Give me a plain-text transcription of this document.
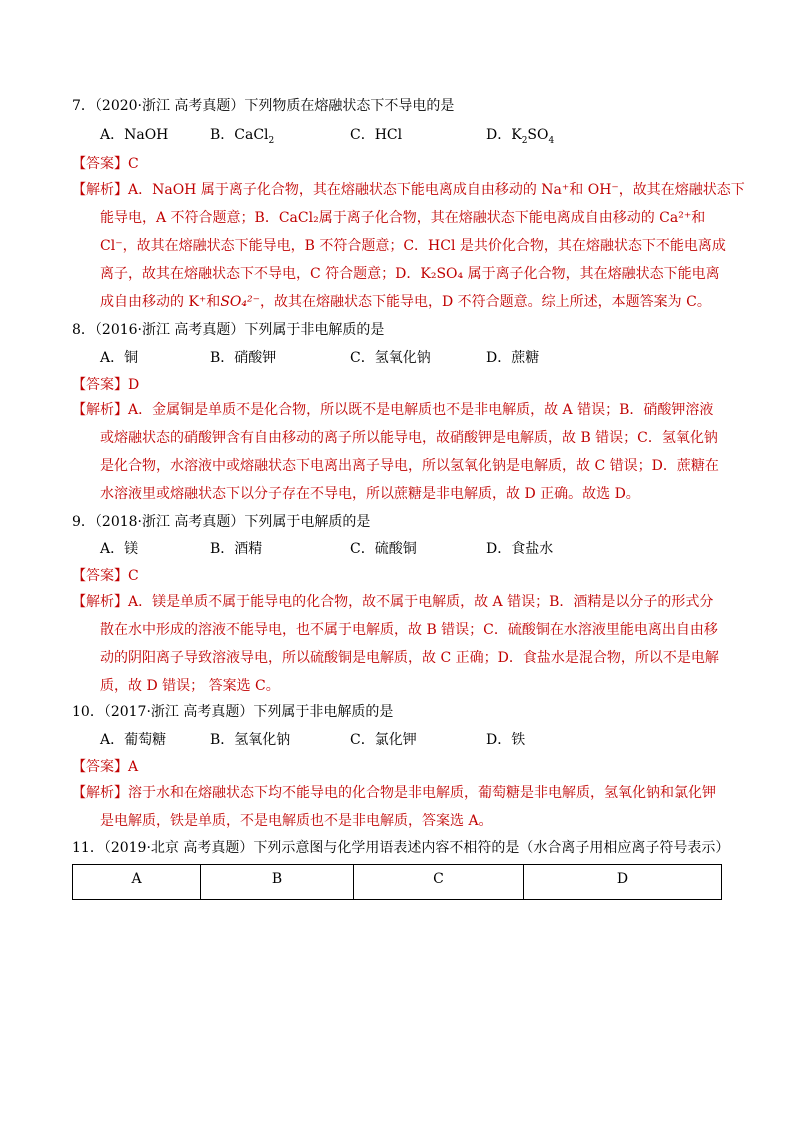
7．（2020·浙江 高考真题）下列物质在熔融状态下不导电的是
A．NaOH	B．CaCl$_2$	C．HCl	D．$K_2SO_4$
【答案】C
【解析】A．NaOH 属于离子化合物，其在熔融状态下能电离成自由移动的 Na⁺和 OH⁻，故其在熔融状态下
能导电，A 不符合题意；B．CaCl₂属于离子化合物，其在熔融状态下能电离成自由移动的 Ca²⁺和
Cl⁻，故其在熔融状态下能导电，B 不符合题意；C．HCl 是共价化合物，其在熔融状态下不能电离成
离子，故其在熔融状态下不导电，C 符合题意；D．K₂SO₄ 属于离子化合物，其在熔融状态下能电离
成自由移动的 K⁺和SO₄²⁻，故其在熔融状态下能导电，D 不符合题意。综上所述，本题答案为 C。
8．（2016·浙江 高考真题）下列属于非电解质的是
A．铜	B．硝酸钾	C．氢氧化钠	D．蔗糖
【答案】D
【解析】A．金属铜是单质不是化合物，所以既不是电解质也不是非电解质，故 A 错误；B．硝酸钾溶液
或熔融状态的硝酸钾含有自由移动的离子所以能导电，故硝酸钾是电解质，故 B 错误；C．氢氧化钠
是化合物，水溶液中或熔融状态下电离出离子导电，所以氢氧化钠是电解质，故 C 错误；D．蔗糖在
水溶液里或熔融状态下以分子存在不导电，所以蔗糖是非电解质，故 D 正确。故选 D。
9．（2018·浙江 高考真题）下列属于电解质的是
A．镁	B．酒精	C．硫酸铜	D．食盐水
【答案】C
【解析】A．镁是单质不属于能导电的化合物，故不属于电解质，故 A 错误；B．酒精是以分子的形式分
散在水中形成的溶液不能导电，也不属于电解质，故 B 错误；C．硫酸铜在水溶液里能电离出自由移
动的阴阳离子导致溶液导电，所以硫酸铜是电解质，故 C 正确；D．食盐水是混合物，所以不是电解
质，故 D 错误； 答案选 C。
10．（2017·浙江 高考真题）下列属于非电解质的是
A．葡萄糖	B．氢氧化钠	C．氯化钾	D．铁
【答案】A
【解析】溶于水和在熔融状态下均不能导电的化合物是非电解质，葡萄糖是非电解质，氢氧化钠和氯化钾
是电解质，铁是单质，不是电解质也不是非电解质，答案选 A。
11．（2019·北京 高考真题）下列示意图与化学用语表述内容不相符的是（水合离子用相应离子符号表示）
A	B	C	D
